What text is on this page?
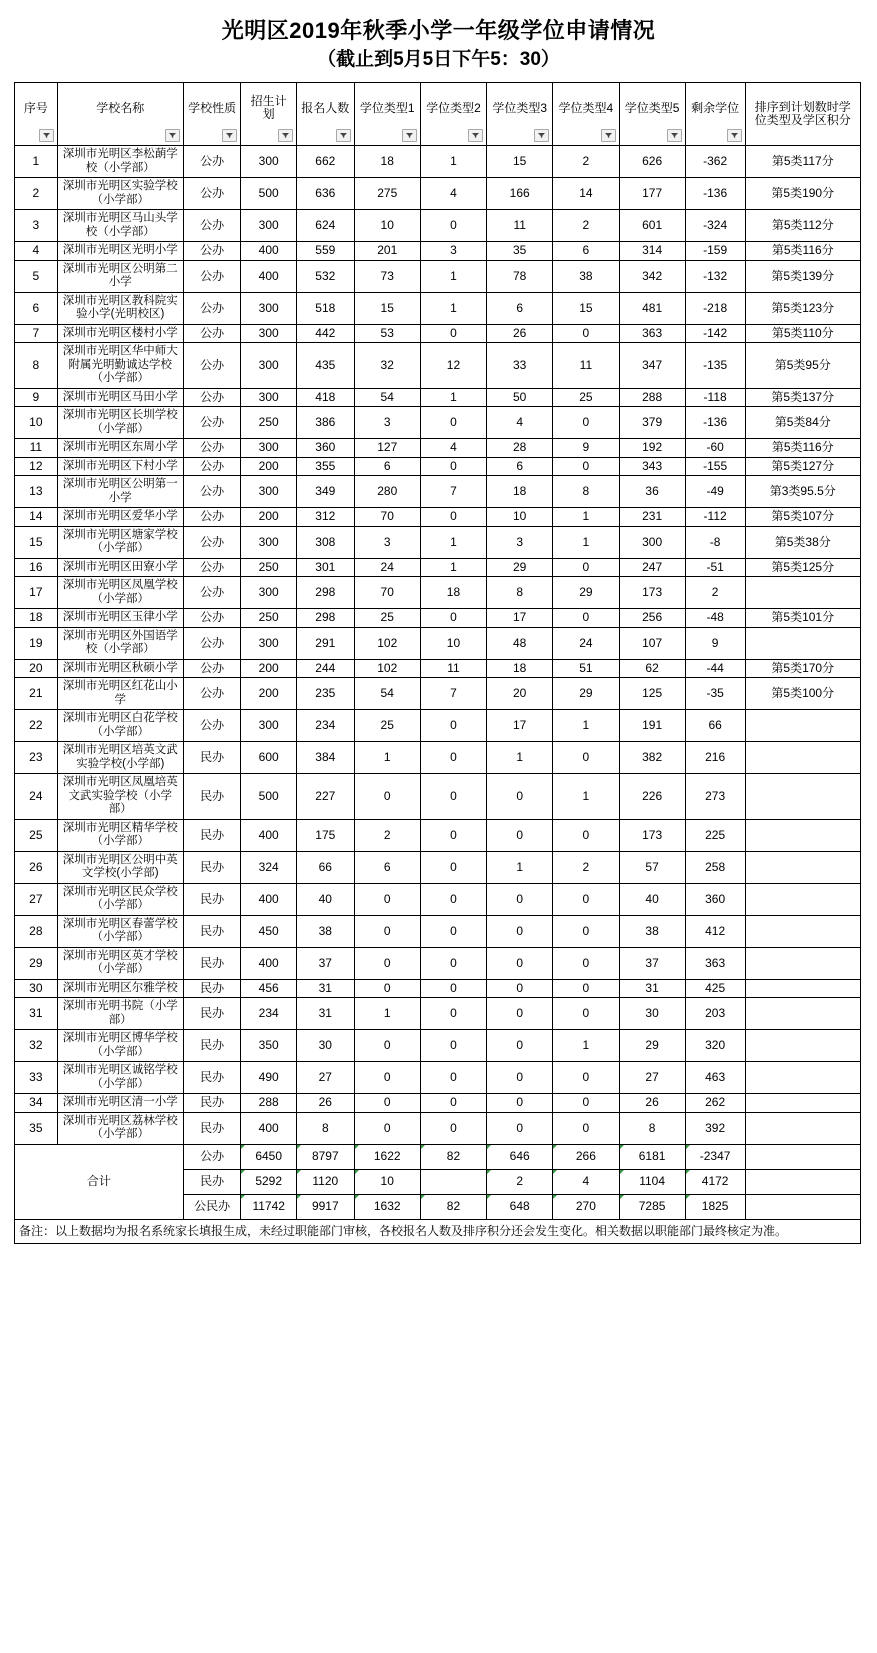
光明区2019年秋季小学一年级学位申请情况
（截止到5月5日下午5：30）
序号	学校名称	学校性质	招生计划	报名人数	学位类型1	学位类型2	学位类型3	学位类型4	学位类型5	剩余学位	排序到计划数时学位类型及学区积分

1	深圳市光明区李松蓢学校（小学部）	公办	300	662	18	1	15	2	626	-362	第5类117分
2	深圳市光明区实验学校（小学部）	公办	500	636	275	4	166	14	177	-136	第5类190分
3	深圳市光明区马山头学校（小学部）	公办	300	624	10	0	11	2	601	-324	第5类112分
4	深圳市光明区光明小学	公办	400	559	201	3	35	6	314	-159	第5类116分
5	深圳市光明区公明第二小学	公办	400	532	73	1	78	38	342	-132	第5类139分
6	深圳市光明区教科院实验小学(光明校区)	公办	300	518	15	1	6	15	481	-218	第5类123分
7	深圳市光明区楼村小学	公办	300	442	53	0	26	0	363	-142	第5类110分
8	深圳市光明区华中师大附属光明勤诚达学校（小学部）	公办	300	435	32	12	33	11	347	-135	第5类95分
9	深圳市光明区马田小学	公办	300	418	54	1	50	25	288	-118	第5类137分
10	深圳市光明区长圳学校（小学部）	公办	250	386	3	0	4	0	379	-136	第5类84分
11	深圳市光明区东周小学	公办	300	360	127	4	28	9	192	-60	第5类116分
12	深圳市光明区下村小学	公办	200	355	6	0	6	0	343	-155	第5类127分
13	深圳市光明区公明第一小学	公办	300	349	280	7	18	8	36	-49	第3类95.5分
14	深圳市光明区爱华小学	公办	200	312	70	0	10	1	231	-112	第5类107分
15	深圳市光明区塘家学校（小学部）	公办	300	308	3	1	3	1	300	-8	第5类38分
16	深圳市光明区田寮小学	公办	250	301	24	1	29	0	247	-51	第5类125分
17	深圳市光明区凤凰学校（小学部）	公办	300	298	70	18	8	29	173	2	
18	深圳市光明区玉律小学	公办	250	298	25	0	17	0	256	-48	第5类101分
19	深圳市光明区外国语学校（小学部）	公办	300	291	102	10	48	24	107	9	
20	深圳市光明区秋硕小学	公办	200	244	102	11	18	51	62	-44	第5类170分
21	深圳市光明区红花山小学	公办	200	235	54	7	20	29	125	-35	第5类100分
22	深圳市光明区白花学校（小学部）	公办	300	234	25	0	17	1	191	66	
23	深圳市光明区培英文武实验学校(小学部)	民办	600	384	1	0	1	0	382	216	
24	深圳市光明区凤凰培英文武实验学校（小学部）	民办	500	227	0	0	0	1	226	273	
25	深圳市光明区精华学校（小学部）	民办	400	175	2	0	0	0	173	225	
26	深圳市光明区公明中英文学校(小学部)	民办	324	66	6	0	1	2	57	258	
27	深圳市光明区民众学校（小学部）	民办	400	40	0	0	0	0	40	360	
28	深圳市光明区春蕾学校（小学部）	民办	450	38	0	0	0	0	38	412	
29	深圳市光明区英才学校（小学部）	民办	400	37	0	0	0	0	37	363	
30	深圳市光明区尔雅学校	民办	456	31	0	0	0	0	31	425	
31	深圳市光明书院（小学部）	民办	234	31	1	0	0	0	30	203	
32	深圳市光明区博华学校（小学部）	民办	350	30	0	0	0	1	29	320	
33	深圳市光明区诚铭学校（小学部）	民办	490	27	0	0	0	0	27	463	
34	深圳市光明区清一小学	民办	288	26	0	0	0	0	26	262	
35	深圳市光明区荔林学校（小学部）	民办	400	8	0	0	0	0	8	392	
合计		公办	6450	8797	1622	82	646	266	6181	-2347	
		民办	5292	1120	10		2	4	1104	4172	
		公民办	11742	9917	1632	82	648	270	7285	1825	
备注：以上数据均为报名系统家长填报生成，未经过职能部门审核，各校报名人数及排序积分还会发生变化。相关数据以职能部门最终核定为准。
